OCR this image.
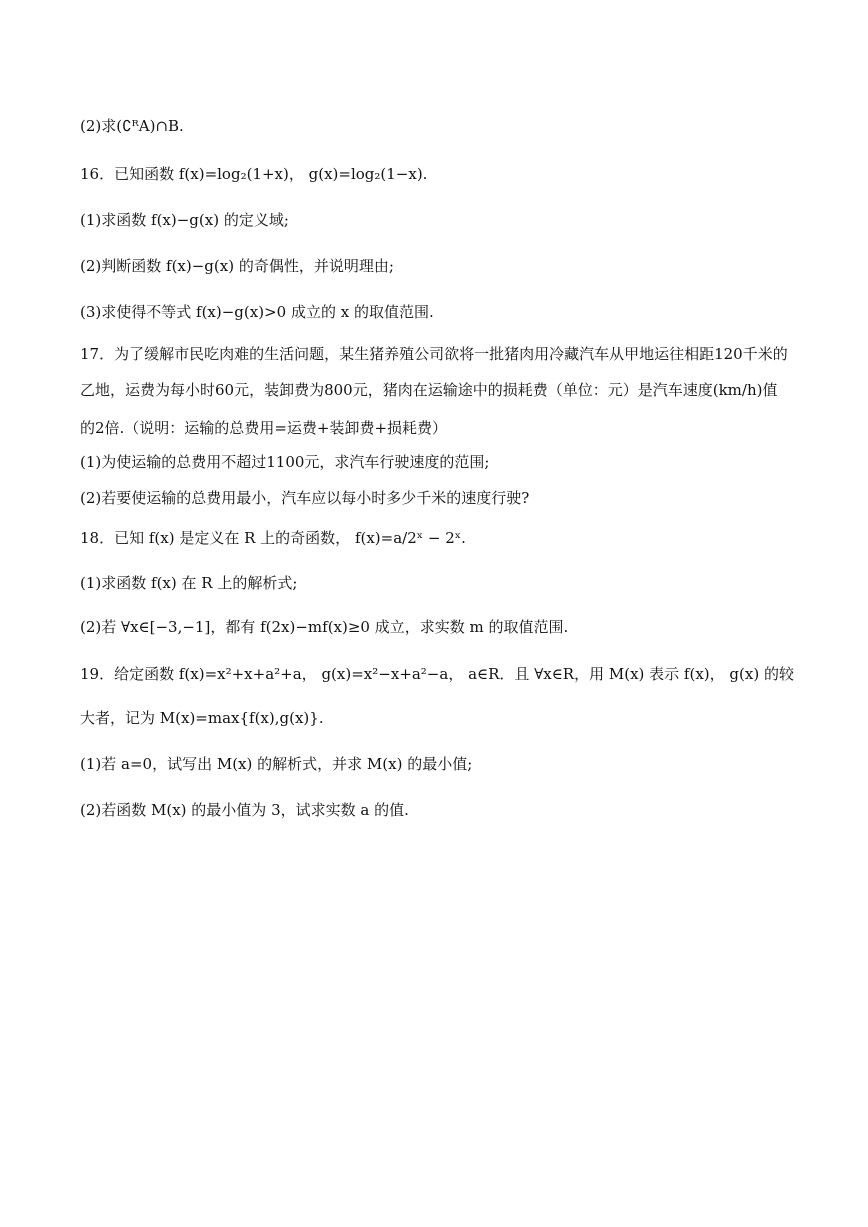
(2)求(∁ᴿA)∩B.
16．已知函数 f(x)=log₂(1+x)， g(x)=log₂(1−x).
(1)求函数 f(x)−g(x) 的定义域;
(2)判断函数 f(x)−g(x) 的奇偶性，并说明理由;
(3)求使得不等式 f(x)−g(x)>0 成立的 x 的取值范围.
17．为了缓解市民吃肉难的生活问题，某生猪养殖公司欲将一批猪肉用冷藏汽车从甲地运往相距120千米的
乙地，运费为每小时60元，装卸费为800元，猪肉在运输途中的损耗费（单位：元）是汽车速度(km/h)值
的2倍.（说明：运输的总费用=运费+装卸费+损耗费）
(1)为使运输的总费用不超过1100元，求汽车行驶速度的范围;
(2)若要使运输的总费用最小，汽车应以每小时多少千米的速度行驶?
18．已知 f(x) 是定义在 R 上的奇函数， f(x)=a/2ˣ − 2ˣ.
(1)求函数 f(x) 在 R 上的解析式;
(2)若 ∀x∈[−3,−1]，都有 f(2x)−mf(x)≥0 成立，求实数 m 的取值范围.
19．给定函数 f(x)=x²+x+a²+a， g(x)=x²−x+a²−a， a∈R．且 ∀x∈R，用 M(x) 表示 f(x)， g(x) 的较
大者，记为 M(x)=max{f(x),g(x)}.
(1)若 a=0，试写出 M(x) 的解析式，并求 M(x) 的最小值;
(2)若函数 M(x) 的最小值为 3，试求实数 a 的值.
